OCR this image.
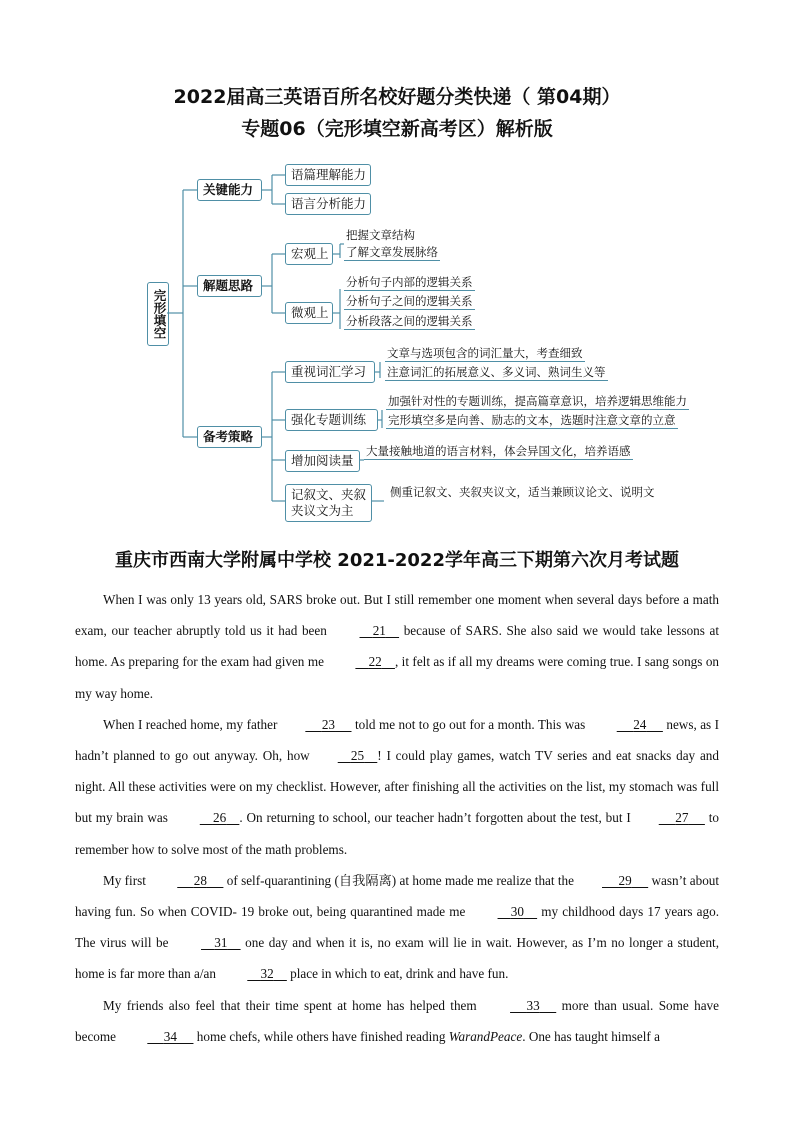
2022届高三英语百所名校好题分类快递（ 第04期）
专题06（完形填空新高考区）解析版
完形填空
关键能力
语篇理解能力
语言分析能力
解题思路
宏观上
把握文章结构
了解文章发展脉络
微观上
分析句子内部的逻辑关系
分析句子之间的逻辑关系
分析段落之间的逻辑关系
备考策略
重视词汇学习
文章与选项包含的词汇量大，考查细致
注意词汇的拓展意义、多义词、熟词生义等
强化专题训练
加强针对性的专题训练，提高篇章意识，培养逻辑思维能力
完形填空多是向善、励志的文本，选题时注意文章的立意
增加阅读量
大量接触地道的语言材料，体会异国文化，培养语感
记叙文、夹叙
夹议文为主
侧重记叙文、夹叙夹议文，适当兼顾议论文、说明文
重庆市西南大学附属中学校 2021-2022学年高三下期第六次月考试题

When I was only 13 years old, SARS broke out. But I still remember one moment when several days before a math exam, our teacher abruptly told us it had been	21 because of SARS. She also said we would take lessons at home. As preparing for the exam had given me	22 , it felt as if all my dreams were coming true. I sang songs on my way home.

When I reached home, my father	23 told me not to go out for a month. This was	24 news, as I hadn’t planned to go out anyway. Oh, how	25 ! I could play games, watch TV series and eat snacks day and night. All these activities were on my checklist. However, after finishing all the activities on the list, my stomach was full but my brain was	26 . On returning to school, our teacher hadn’t forgotten about the test, but I	27 to remember how to solve most of the math problems.

My first	28 of self-quarantining (自我隔离) at home made me realize that the	29 wasn’t about having fun. So when COVID- 19 broke out, being quarantined made me	30 my childhood days 17 years ago. The virus will be	31 one day and when it is, no exam will lie in wait. However, as I’m no longer a student, home is far more than a/an	32 place in which to eat, drink and have fun.

My friends also feel that their time spent at home has helped them	33 more than usual. Some have become	34 home chefs, while others have finished reading WarandPeace. One has taught himself a
